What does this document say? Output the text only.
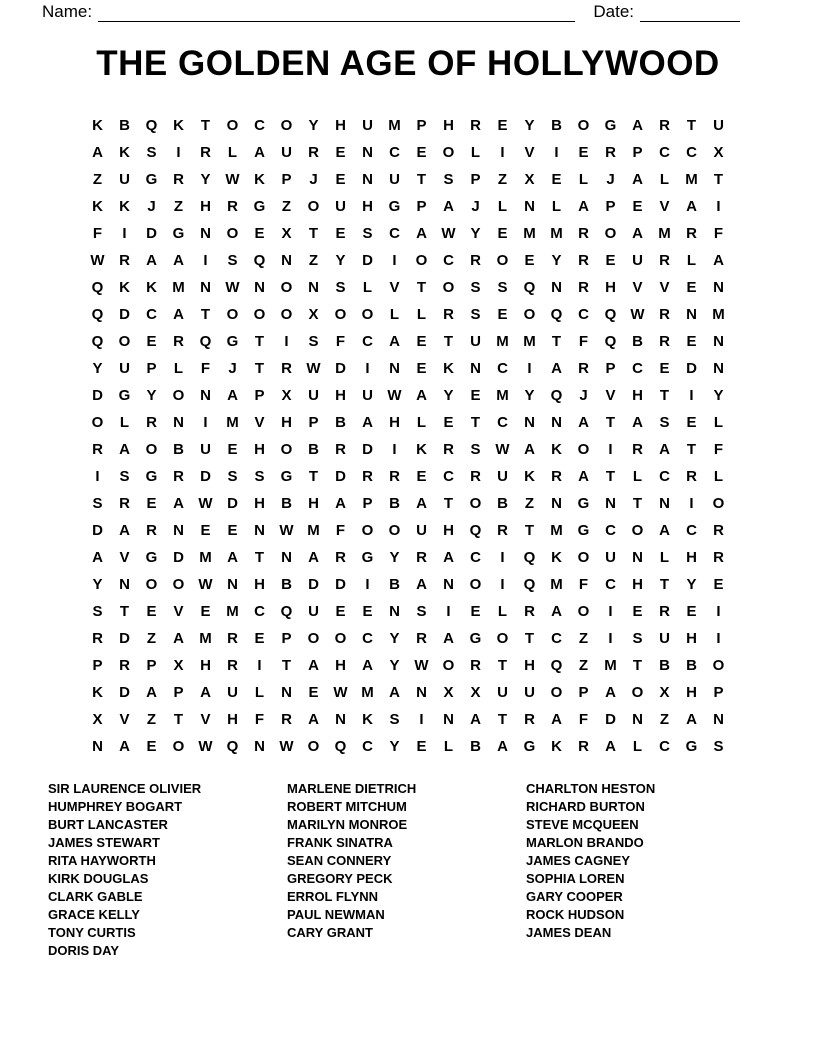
Name:	Date:
THE GOLDEN AGE OF HOLLYWOOD
K	B	Q	K	T	O	C	O	Y	H	U	M	P	H	R	E	Y	B	O	G	A	R	T	U
A	K	S	I	R	L	A	U	R	E	N	C	E	O	L	I	V	I	E	R	P	C	C	X
Z	U	G	R	Y W K	P	J	E	N	U	T	S	P	Z	X	E	L	J	A	L	M	T
K	K	J	Z	H	R	G	Z	O	U	H	G	P	A	J	L	N	L	A	P	E	V	A	I
F	I	D	G	N	O	E	X	T	E	S	C	A W Y	E	M M	R	O	A	M	R	F
W R	A	A	I	S	Q	N	Z	Y	D	I	O	C	R	O	E	Y	R	E	U	R	L	A
Q	K	K	M	N W N	O	N	S	L	V	T	O	S	S	Q	N	R	H	V	V	E	N
Q	D	C	A	T	O	O	O	X	O	O	L	L	R	S	E	O	Q	C	Q W R	N	M
Q	O	E	R	Q	G	T	I	S	F	C	A	E	T	U	M M	T	F	Q	B	R	E	N
Y	U	P	L	F	J	T	R W D	I	N	E	K	N	C	I	A	R	P	C	E	D	N
D	G	Y	O	N	A	P	X	U	H	U W A	Y	E	M	Y	Q	J	V	H	T	I	Y
O	L	R	N	I	M	V	H	P	B	A	H	L	E	T	C	N	N	A	T	A	S	E	L
R	A	O	B	U	E	H	O	B	R	D	I	K	R	S W A	K	O	I	R	A	T	F
I	S	G	R	D	S	S	G	T	D	R	R	E	C	R	U	K	R	A	T	L	C	R	L
S	R	E	A W D	H	B	H	A	P	B	A	T	O	B	Z	N	G	N	T	N	I	O
D	A	R	N	E	E	N W M	F	O	O	U	H	Q	R	T	M G	C	O	A	C	R
A	V	G	D	M	A	T	N	A	R	G	Y	R	A	C	I	Q	K	O	U	N	L	H	R
Y	N	O	O W N	H	B	D	D	I	B	A	N	O	I	Q M	F	C	H	T	Y	E
S	T	E	V	E	M	C	Q	U	E	E	N	S	I	E	L	R	A	O	I	E	R	E	I
R	D	Z	A	M	R	E	P	O	O	C	Y	R	A	G	O	T	C	Z	I	S	U	H	I
P	R	P	X	H	R	I	T	A	H	A	Y W O	R	T	H	Q	Z	M	T	B	B	O
K	D	A	P	A	U	L	N	E W M	A	N	X	X	U	U	O	P	A	O	X	H	P
X	V	Z	T	V	H	F	R	A	N	K	S	I	N	A	T	R	A	F	D	N	Z	A	N
N	A	E	O W Q	N W O	Q	C	Y	E	L	B	A	G	K	R	A	L	C	G	S
SIR LAURENCE OLIVIER
HUMPHREY BOGART
BURT LANCASTER
JAMES STEWART
RITA HAYWORTH
KIRK DOUGLAS
CLARK GABLE
GRACE KELLY
TONY CURTIS
DORIS DAY
MARLENE DIETRICH
ROBERT MITCHUM
MARILYN MONROE
FRANK SINATRA
SEAN CONNERY
GREGORY PECK
ERROL FLYNN
PAUL NEWMAN
CARY GRANT
CHARLTON HESTON
RICHARD BURTON
STEVE MCQUEEN
MARLON BRANDO
JAMES CAGNEY
SOPHIA LOREN
GARY COOPER
ROCK HUDSON
JAMES DEAN
